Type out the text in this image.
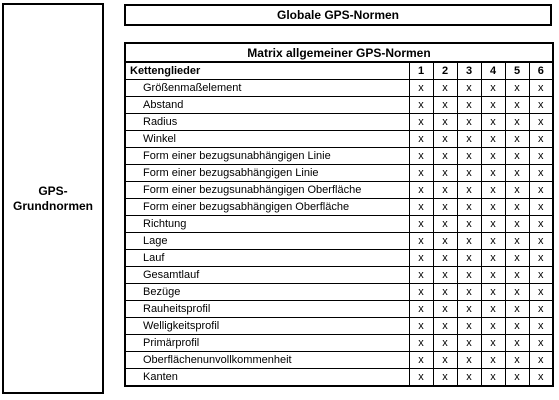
GPS-
Grundnormen
Globale GPS-Normen
Matrix allgemeiner GPS-Normen						
Kettenglieder	1	2	3	4	5	6
Größenmaßelement	x	x	x	x	x	x
Abstand	x	x	x	x	x	x
Radius	x	x	x	x	x	x
Winkel	x	x	x	x	x	x
Form einer bezugsunabhängigen Linie	x	x	x	x	x	x
Form einer bezugsabhängigen Linie	x	x	x	x	x	x
Form einer bezugsunabhängigen Oberfläche	x	x	x	x	x	x
Form einer bezugsabhängigen Oberfläche	x	x	x	x	x	x
Richtung	x	x	x	x	x	x
Lage	x	x	x	x	x	x
Lauf	x	x	x	x	x	x
Gesamtlauf	x	x	x	x	x	x
Bezüge	x	x	x	x	x	x
Rauheitsprofil	x	x	x	x	x	x
Welligkeitsprofil	x	x	x	x	x	x
Primärprofil	x	x	x	x	x	x
Oberflächenunvollkommenheit	x	x	x	x	x	x
Kanten	x	x	x	x	x	x
